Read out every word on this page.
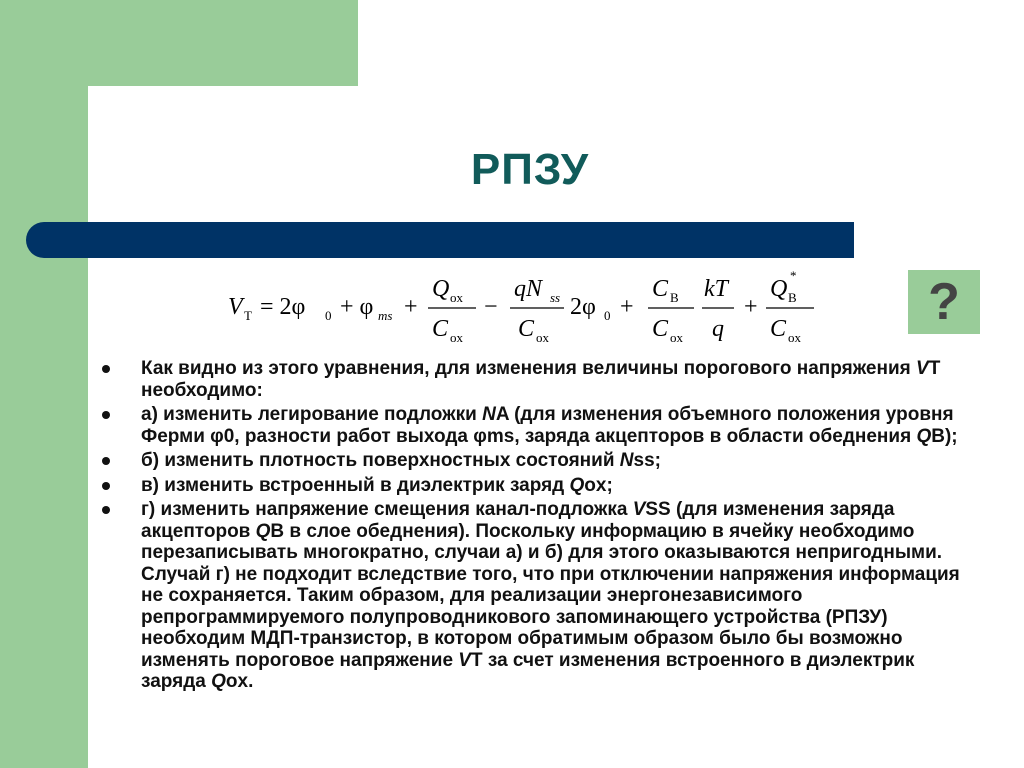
РПЗУ
?
V T = 2φ 0 + φ ms +
Q ox
C ox
−
qN ss
C ox
2φ 0 +
C B
C ox
kT
q
+
Q B
*
C ox
Как видно из этого уравнения, для изменения величины порогового напряжения VT необходимо:
а) изменить легирование подложки NA (для изменения объемного положения уровня Ферми φ0, разности работ выхода φms, заряда акцепторов в области обеднения QB);
б) изменить плотность поверхностных состояний Nss;
в) изменить встроенный в диэлектрик заряд Qox;
г) изменить напряжение смещения канал-подложка VSS (для изменения заряда акцепторов QB в слое обеднения). Поскольку информацию в ячейку необходимо перезаписывать многократно, случаи а) и б) для этого оказываются непригодными. Случай г) не подходит вследствие того, что при отключении напряжения информация не сохраняется. Таким образом, для реализации энергонезависимого репрограммируемого полупроводникового запоминающего устройства (РПЗУ) необходим МДП-транзистор, в котором обратимым образом было бы возможно изменять пороговое напряжение VT за счет изменения встроенного в диэлектрик заряда Qox.
